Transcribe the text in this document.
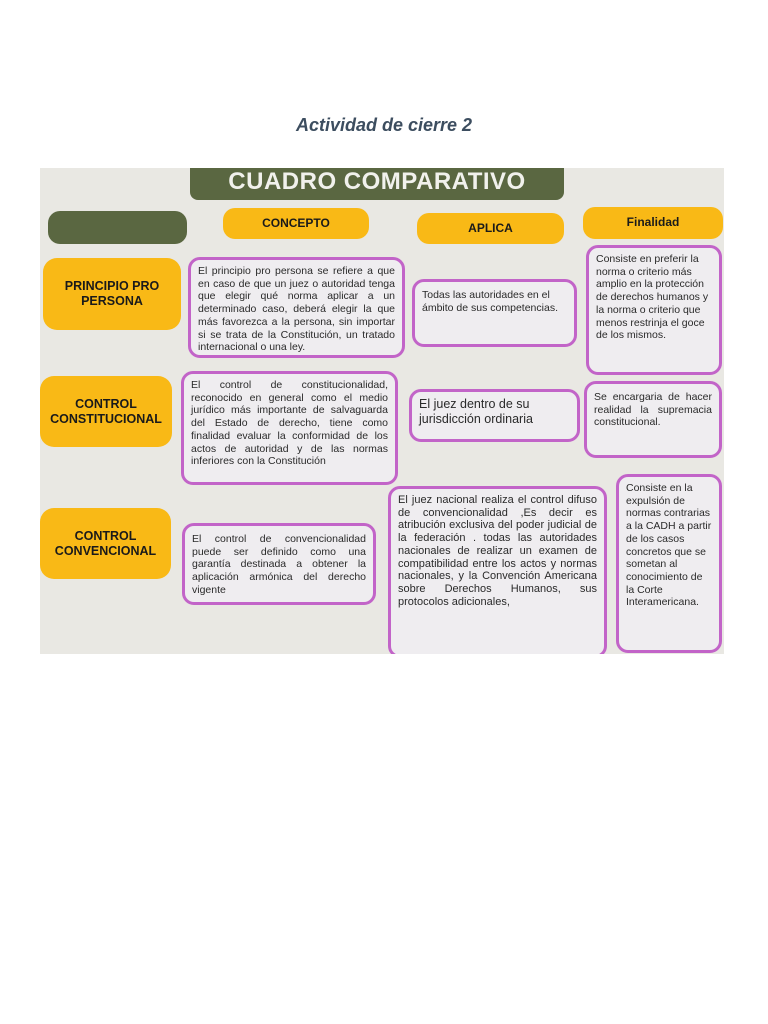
Actividad de cierre 2
CUADRO COMPARATIVO
CONCEPTO	APLICA	Finalidad
PRINCIPIO PRO PERSONA
El principio pro persona se refiere a que en caso de que un juez o autoridad tenga que elegir qué norma aplicar a un determinado caso, deberá elegir la que más favorezca a la persona, sin importar si se trata de la Constitución, un tratado internacional o una ley.
Todas las autoridades en el ámbito de sus competencias.
Consiste en preferir la norma o criterio más amplio en la protección de derechos humanos y la norma o criterio que menos restrinja el goce de los mismos.
CONTROL CONSTITUCIONAL
El control de constitucionalidad, reconocido en general como el medio jurídico más importante de salvaguarda del Estado de derecho, tiene como finalidad evaluar la conformidad de los actos de autoridad y de las normas inferiores con la Constitución
El juez dentro de su jurisdicción ordinaria
Se encargaria de hacer realidad la supremacia constitucional.
CONTROL CONVENCIONAL
El control de convencionalidad puede ser definido como una garantía destinada a obtener la aplicación armónica del derecho vigente
El juez nacional realiza el control difuso de convencionalidad ,Es decir es atribución exclusiva del poder judicial de la federación . todas las autoridades nacionales de realizar un examen de compatibilidad entre los actos y normas nacionales, y la Convención Americana sobre Derechos Humanos, sus protocolos adicionales,
Consiste en la expulsión de normas contrarias a la CADH a partir de los casos concretos que se sometan al conocimiento de la Corte Interamericana.
